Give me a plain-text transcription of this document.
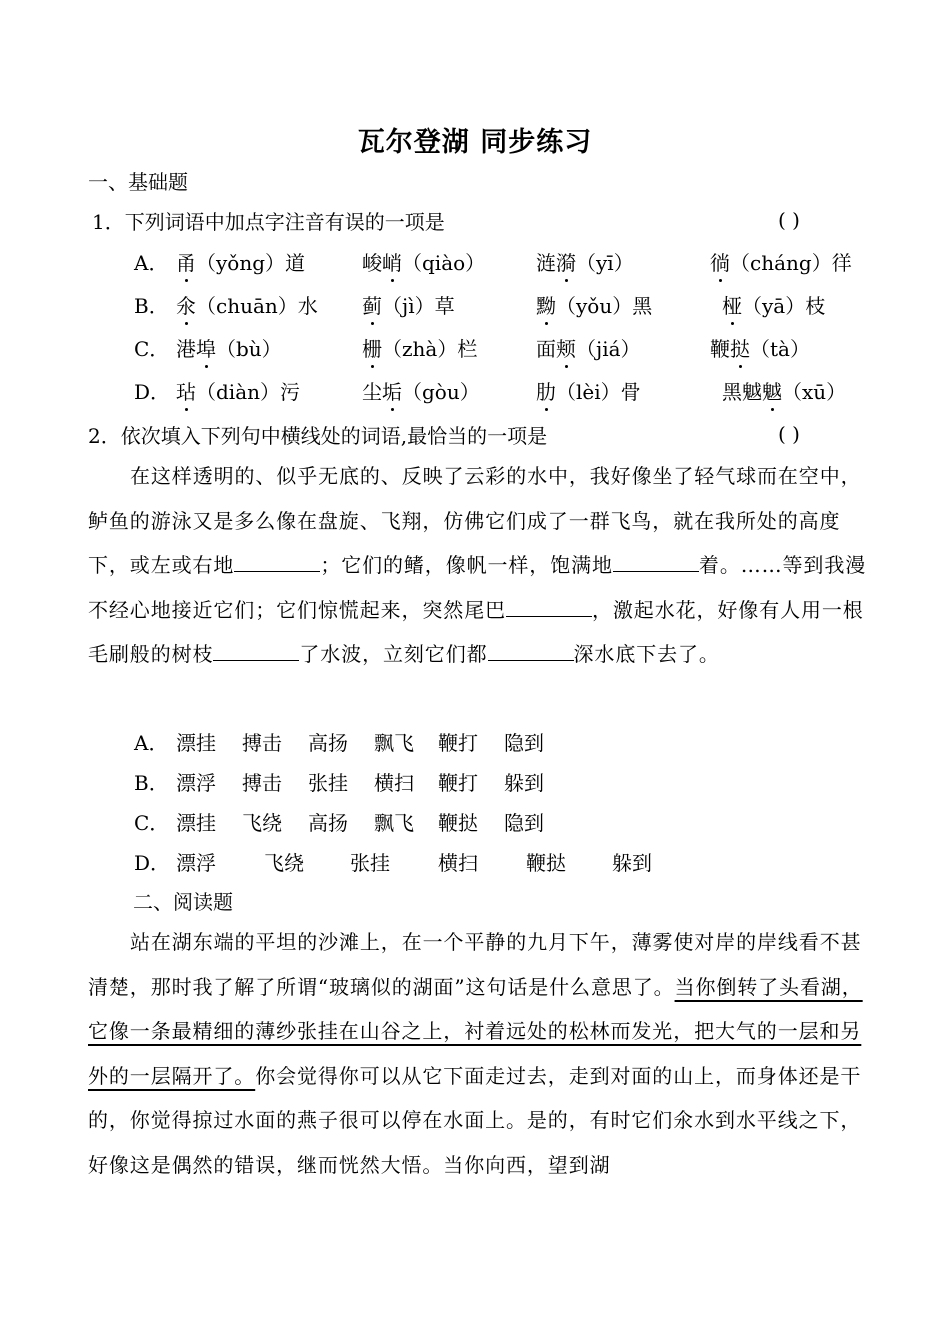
瓦尔登湖 同步练习
一、基础题
1．下列词语中加点字注音有误的一项是	( )
A． 甬（yǒng）道	峻峭（qiào）	涟漪（yī）	徜（cháng）徉
B． 氽（chuān）水 蓟（jì）草	黝（yǒu）黑	桠（yā）枝
C． 港埠（bù）	栅（zhà）栏	面颊（jiá）	鞭挞（tà）
D． 玷（diàn）污	尘垢（gòu）	肋（lèi）骨	黑魆魆（xū）
2．依次填入下列句中横线处的词语,最恰当的一项是	( )
在这样透明的、似乎无底的、反映了云彩的水中，我好像坐了轻气球而在空中，鲈鱼的游泳又是多么像在盘旋、飞翔，仿佛它们成了一群飞鸟，就在我所处的高度下，或左或右地	；它们的鳍，像帆一样，饱满地	着。……等到我漫不经心地接近它们；它们惊慌起来，突然尾巴	，激起水花，好像有人用一根毛刷般的树枝	了水波，立刻它们都	深水底下去了。
A． 漂挂 搏击 高扬 飘飞 鞭打 隐到
B． 漂浮 搏击 张挂 横扫 鞭打 躲到
C． 漂挂 飞绕 高扬 飘飞 鞭挞 隐到
D． 漂浮 飞绕 张挂 横扫 鞭挞 躲到
二、阅读题
站在湖东端的平坦的沙滩上，在一个平静的九月下午，薄雾使对岸的岸线看不甚清楚，那时我了解了所谓“玻璃似的湖面”这句话是什么意思了。当你倒转了头看湖，它像一条最精细的薄纱张挂在山谷之上，衬着远处的松林而发光，把大气的一层和另外的一层隔开了。你会觉得你可以从它下面走过去，走到对面的山上，而身体还是干的，你觉得掠过水面的燕子很可以停在水面上。是的，有时它们氽水到水平线之下，好像这是偶然的错误，继而恍然大悟。当你向西，望到湖
